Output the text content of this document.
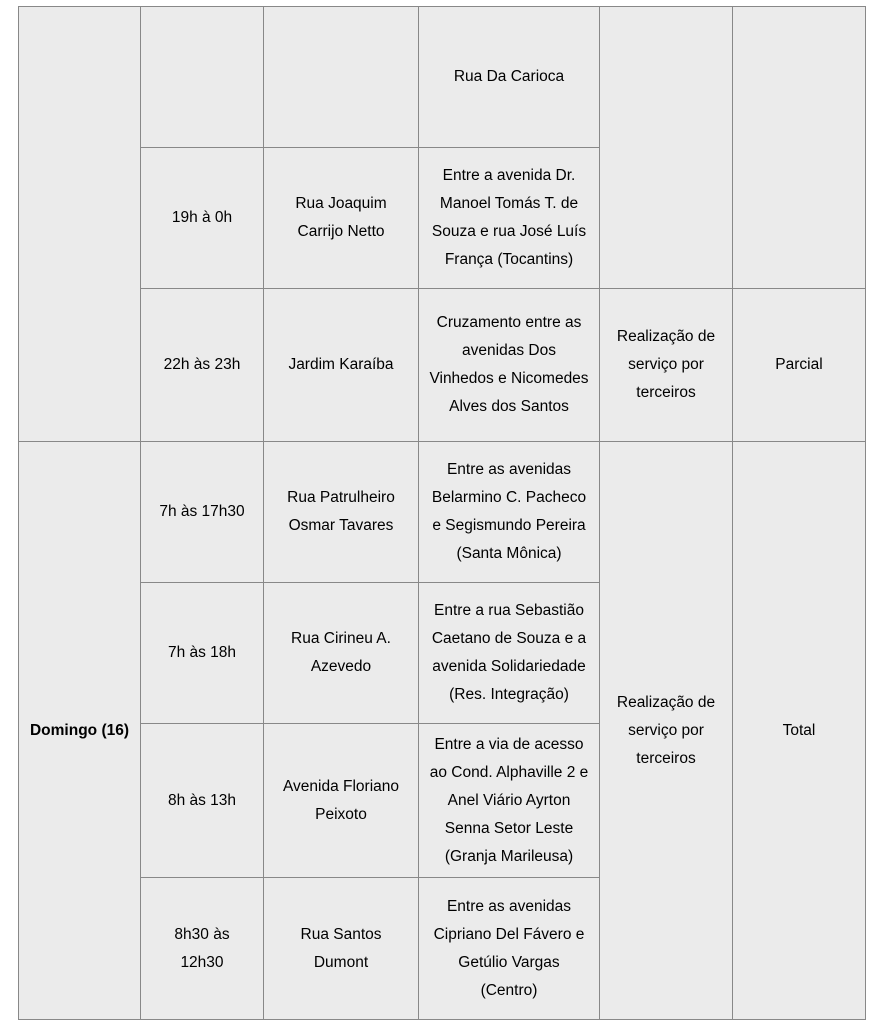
			Rua Da Carioca		
	19h à 0h	Rua Joaquim Carrijo Netto	Entre a avenida Dr. Manoel Tomás T. de Souza e rua José Luís França (Tocantins)		
	22h às 23h	Jardim Karaíba	Cruzamento entre as avenidas Dos Vinhedos e Nicomedes Alves dos Santos	Realização de serviço por terceiros	Parcial
Domingo (16)	7h às 17h30	Rua Patrulheiro Osmar Tavares	Entre as avenidas Belarmino C. Pacheco e Segismundo Pereira (Santa Mônica)	Realização de serviço por terceiros	Total
	7h às 18h	Rua Cirineu A. Azevedo	Entre a rua Sebastião Caetano de Souza e a avenida Solidariedade (Res. Integração)		
	8h às 13h	Avenida Floriano Peixoto	Entre a via de acesso ao Cond. Alphaville 2 e Anel Viário Ayrton Senna Setor Leste (Granja Marileusa)		
	8h30 às 12h30	Rua Santos Dumont	Entre as avenidas Cipriano Del Fávero e Getúlio Vargas (Centro)		
